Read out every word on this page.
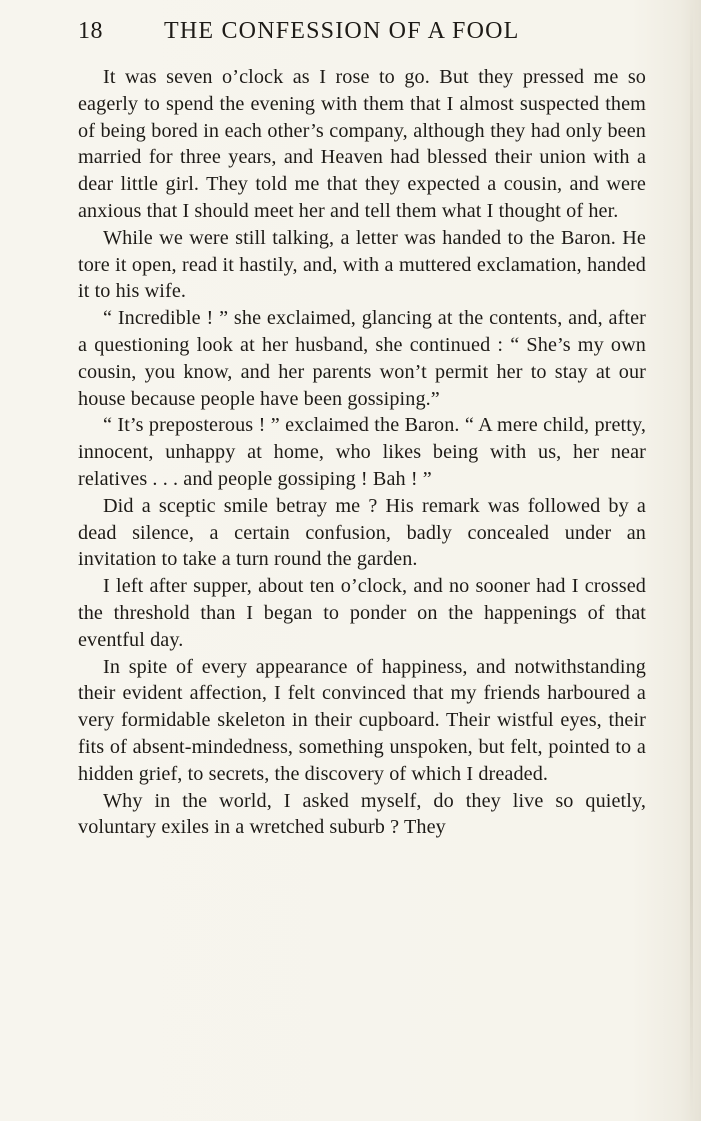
18	THE CONFESSION OF A FOOL

It was seven o’clock as I rose to go. But they pressed me so eagerly to spend the evening with them that I almost suspected them of being bored in each other’s company, although they had only been married for three years, and Heaven had blessed their union with a dear little girl. They told me that they expected a cousin, and were anxious that I should meet her and tell them what I thought of her.

While we were still talking, a letter was handed to the Baron. He tore it open, read it hastily, and, with a muttered exclamation, handed it to his wife.

“ Incredible ! ” she exclaimed, glancing at the contents, and, after a questioning look at her husband, she continued : “ She’s my own cousin, you know, and her parents won’t permit her to stay at our house because people have been gossiping.”

“ It’s preposterous ! ” exclaimed the Baron. “ A mere child, pretty, innocent, unhappy at home, who likes being with us, her near relatives . . . and people gossiping ! Bah ! ”

Did a sceptic smile betray me ? His remark was followed by a dead silence, a certain confusion, badly concealed under an invitation to take a turn round the garden.

I left after supper, about ten o’clock, and no sooner had I crossed the threshold than I began to ponder on the happenings of that eventful day.

In spite of every appearance of happiness, and notwithstanding their evident affection, I felt convinced that my friends harboured a very formidable skeleton in their cupboard. Their wistful eyes, their fits of absent-mindedness, something unspoken, but felt, pointed to a hidden grief, to secrets, the discovery of which I dreaded.

Why in the world, I asked myself, do they live so quietly, voluntary exiles in a wretched suburb ? They
